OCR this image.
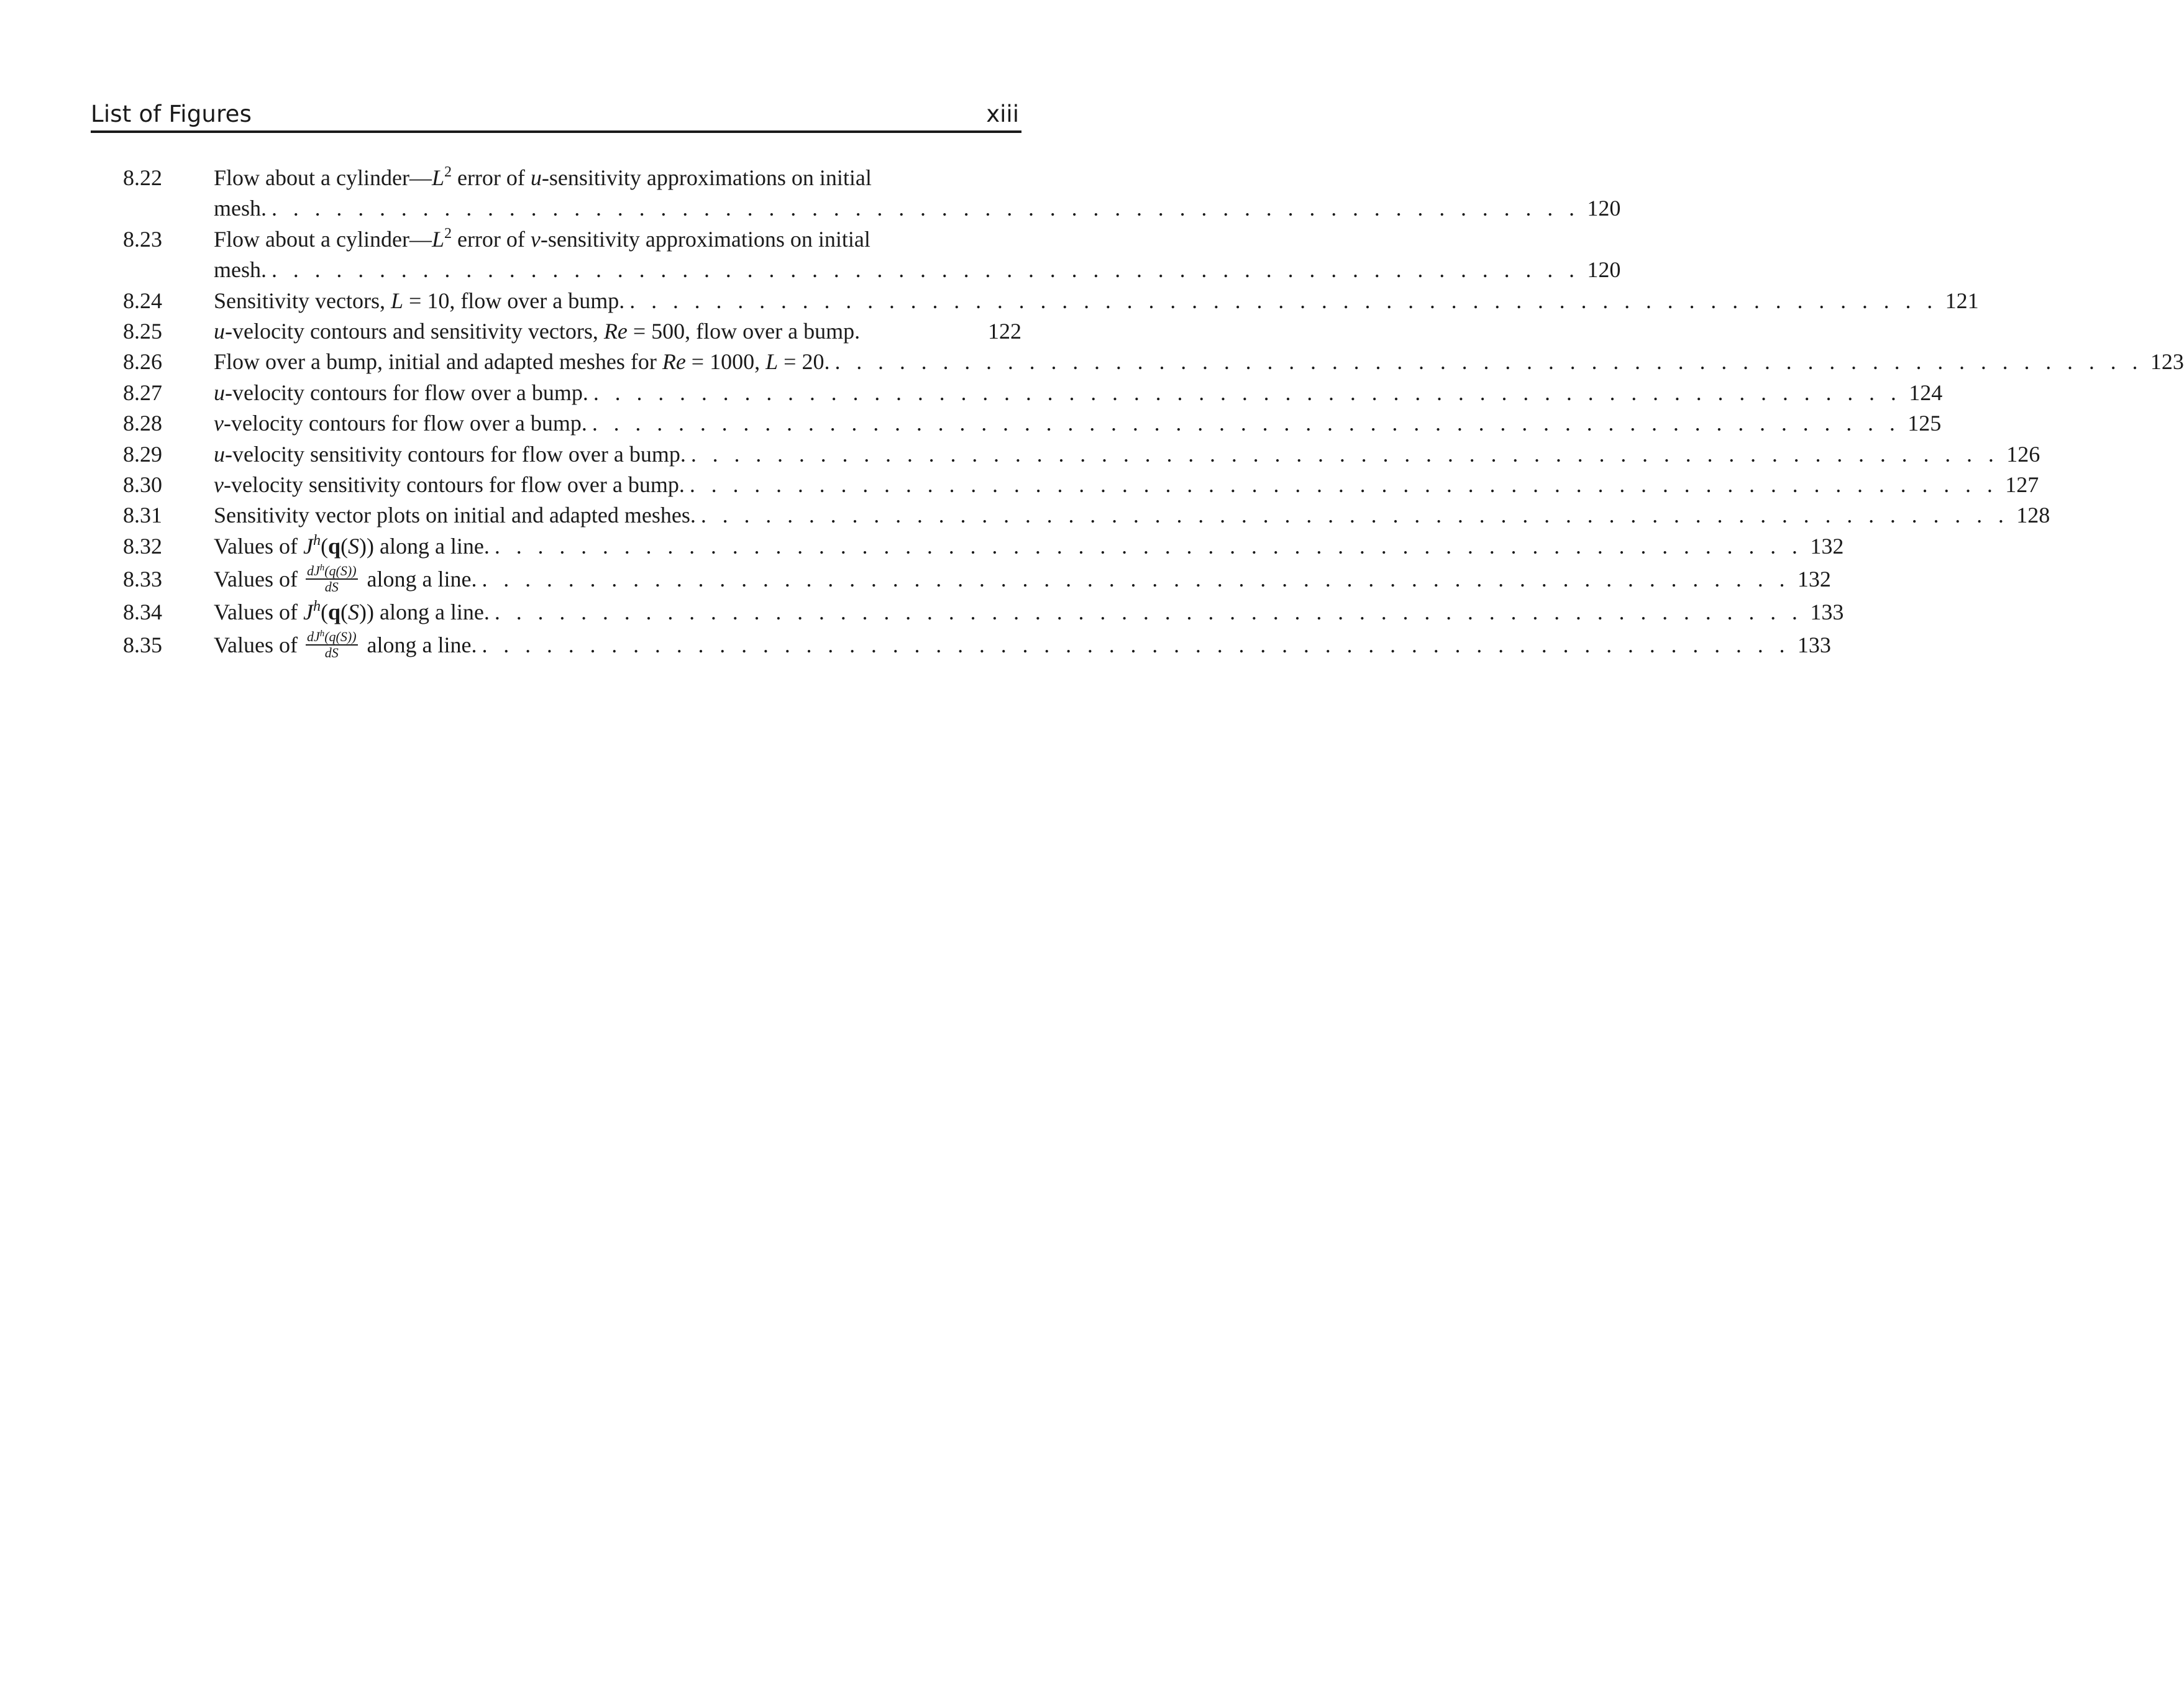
List of Figures	xiii
8.22	Flow about a $cylinder—L^2$ error of u-sensitivity approximations on initial
mesh. . . . . . . . . . . . . . . . . . . . . . . . . . . . . . . . . . . . . . . . . . . . . . . . . . . . . . . . . . . . . . 120
8.23	Flow about a $cylinder—L^2$ error of v-sensitivity approximations on initial
mesh. . . . . . . . . . . . . . . . . . . . . . . . . . . . . . . . . . . . . . . . . . . . . . . . . . . . . . . . . . . . . . 120
8.24	Sensitivity vectors, L = 10, flow over a bump. . . . . . . . . . . . . . . . . . . . . . . . . . . . . . . . . . . . . . . . . . . . . . . . . . . . . . . . . . . . . . 121
8.25	u-velocity contours and sensitivity vectors, Re = 500, flow over a bump.	122
8.26	Flow over a bump, initial and adapted meshes for Re = 1000, L = 20. . . . . . . . . . . . . . . . . . . . . . . . . . . . . . . . . . . . . . . . . . . . . . . . . . . . . . . . . . . . . . 123
8.27	u-velocity contours for flow over a bump. . . . . . . . . . . . . . . . . . . . . . . . . . . . . . . . . . . . . . . . . . . . . . . . . . . . . . . . . . . . . . 124
8.28	v-velocity contours for flow over a bump. . . . . . . . . . . . . . . . . . . . . . . . . . . . . . . . . . . . . . . . . . . . . . . . . . . . . . . . . . . . . . 125
8.29	u-velocity sensitivity contours for flow over a bump. . . . . . . . . . . . . . . . . . . . . . . . . . . . . . . . . . . . . . . . . . . . . . . . . . . . . . . . . . . . . . 126
8.30	v-velocity sensitivity contours for flow over a bump. . . . . . . . . . . . . . . . . . . . . . . . . . . . . . . . . . . . . . . . . . . . . . . . . . . . . . . . . . . . . . 127
8.31	Sensitivity vector plots on initial and adapted meshes. . . . . . . . . . . . . . . . . . . . . . . . . . . . . . . . . . . . . . . . . . . . . . . . . . . . . . . . . . . . . . 128
8.32	Values of $J^h(q(S))$ along a line. . . . . . . . . . . . . . . . . . . . . . . . . . . . . . . . . . . . . . . . . . . . . . . . . . . . . . . . . . . . . . 132
8.33	Values of $\frac{dJ^h(q(S))}{dS}$ along a line. . . . . . . . . . . . . . . . . . . . . . . . . . . . . . . . . . . . . . . . . . . . . . . . . . . . . . . . . . . . . . 132
8.34	Values of $J^h(q(S))$ along a line. . . . . . . . . . . . . . . . . . . . . . . . . . . . . . . . . . . . . . . . . . . . . . . . . . . . . . . . . . . . . . 133
8.35	Values of $\frac{dJ^h(q(S))}{dS}$ along a line. . . . . . . . . . . . . . . . . . . . . . . . . . . . . . . . . . . . . . . . . . . . . . . . . . . . . . . . . . . . . . 133
